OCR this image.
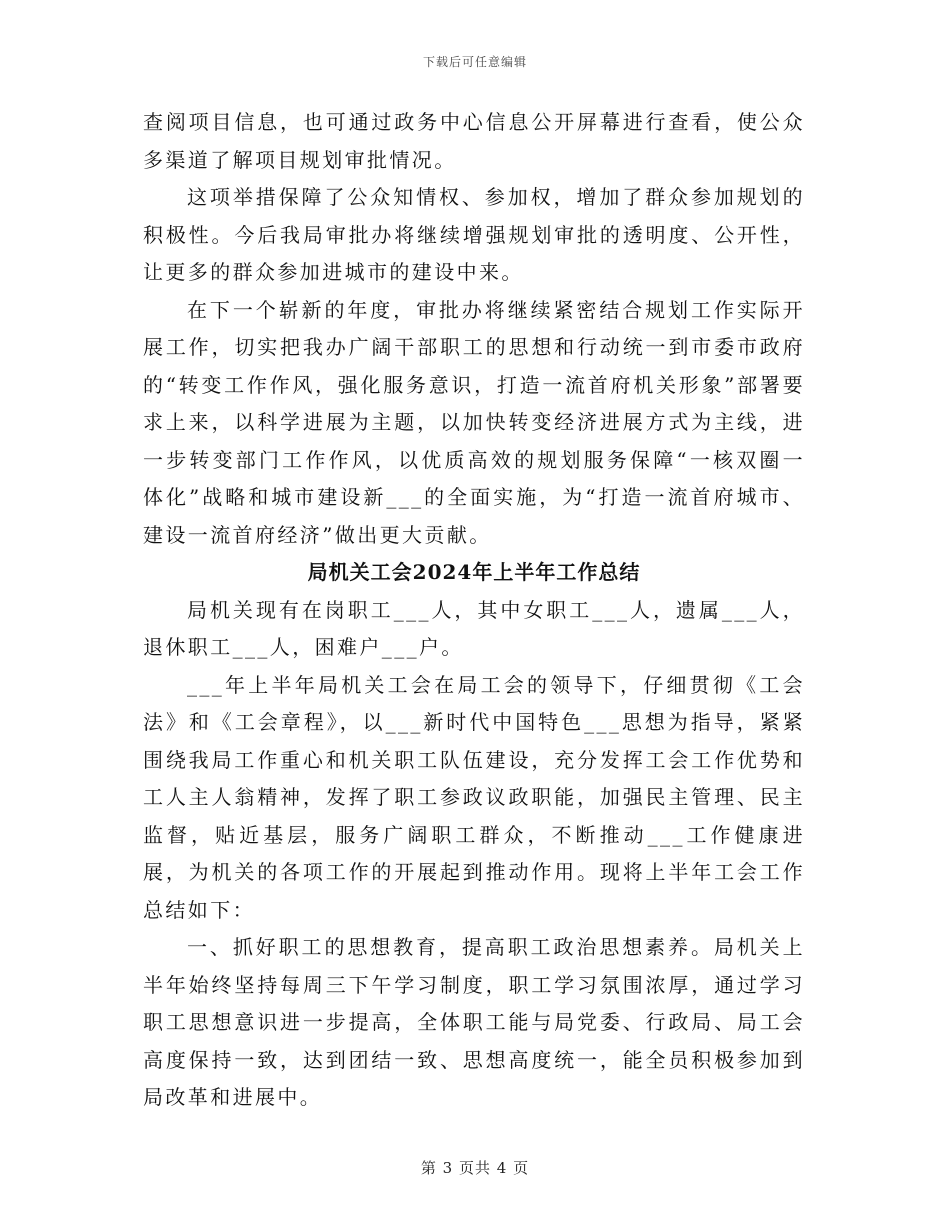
下载后可任意编辑

查阅项目信息，也可通过政务中心信息公开屏幕进行查看，使公众多渠道了解项目规划审批情况。

这项举措保障了公众知情权、参加权，增加了群众参加规划的积极性。今后我局审批办将继续增强规划审批的透明度、公开性，让更多的群众参加进城市的建设中来。

在下一个崭新的年度，审批办将继续紧密结合规划工作实际开展工作，切实把我办广阔干部职工的思想和行动统一到市委市政府的“转变工作作风，强化服务意识，打造一流首府机关形象”部署要求上来，以科学进展为主题，以加快转变经济进展方式为主线，进一步转变部门工作作风，以优质高效的规划服务保障“一核双圈一体化”战略和城市建设新___的全面实施，为“打造一流首府城市、建设一流首府经济”做出更大贡献。

局机关工会2024年上半年工作总结

局机关现有在岗职工___人，其中女职工___人，遗属___人，退休职工___人，困难户___户。

___年上半年局机关工会在局工会的领导下，仔细贯彻《工会法》和《工会章程》，以___新时代中国特色___思想为指导，紧紧围绕我局工作重心和机关职工队伍建设，充分发挥工会工作优势和工人主人翁精神，发挥了职工参政议政职能，加强民主管理、民主监督，贴近基层，服务广阔职工群众，不断推动___工作健康进展，为机关的各项工作的开展起到推动作用。现将上半年工会工作总结如下：

一、抓好职工的思想教育，提高职工政治思想素养。局机关上半年始终坚持每周三下午学习制度，职工学习氛围浓厚，通过学习职工思想意识进一步提高，全体职工能与局党委、行政局、局工会高度保持一致，达到团结一致、思想高度统一，能全员积极参加到局改革和进展中。

第 3 页共 4 页
